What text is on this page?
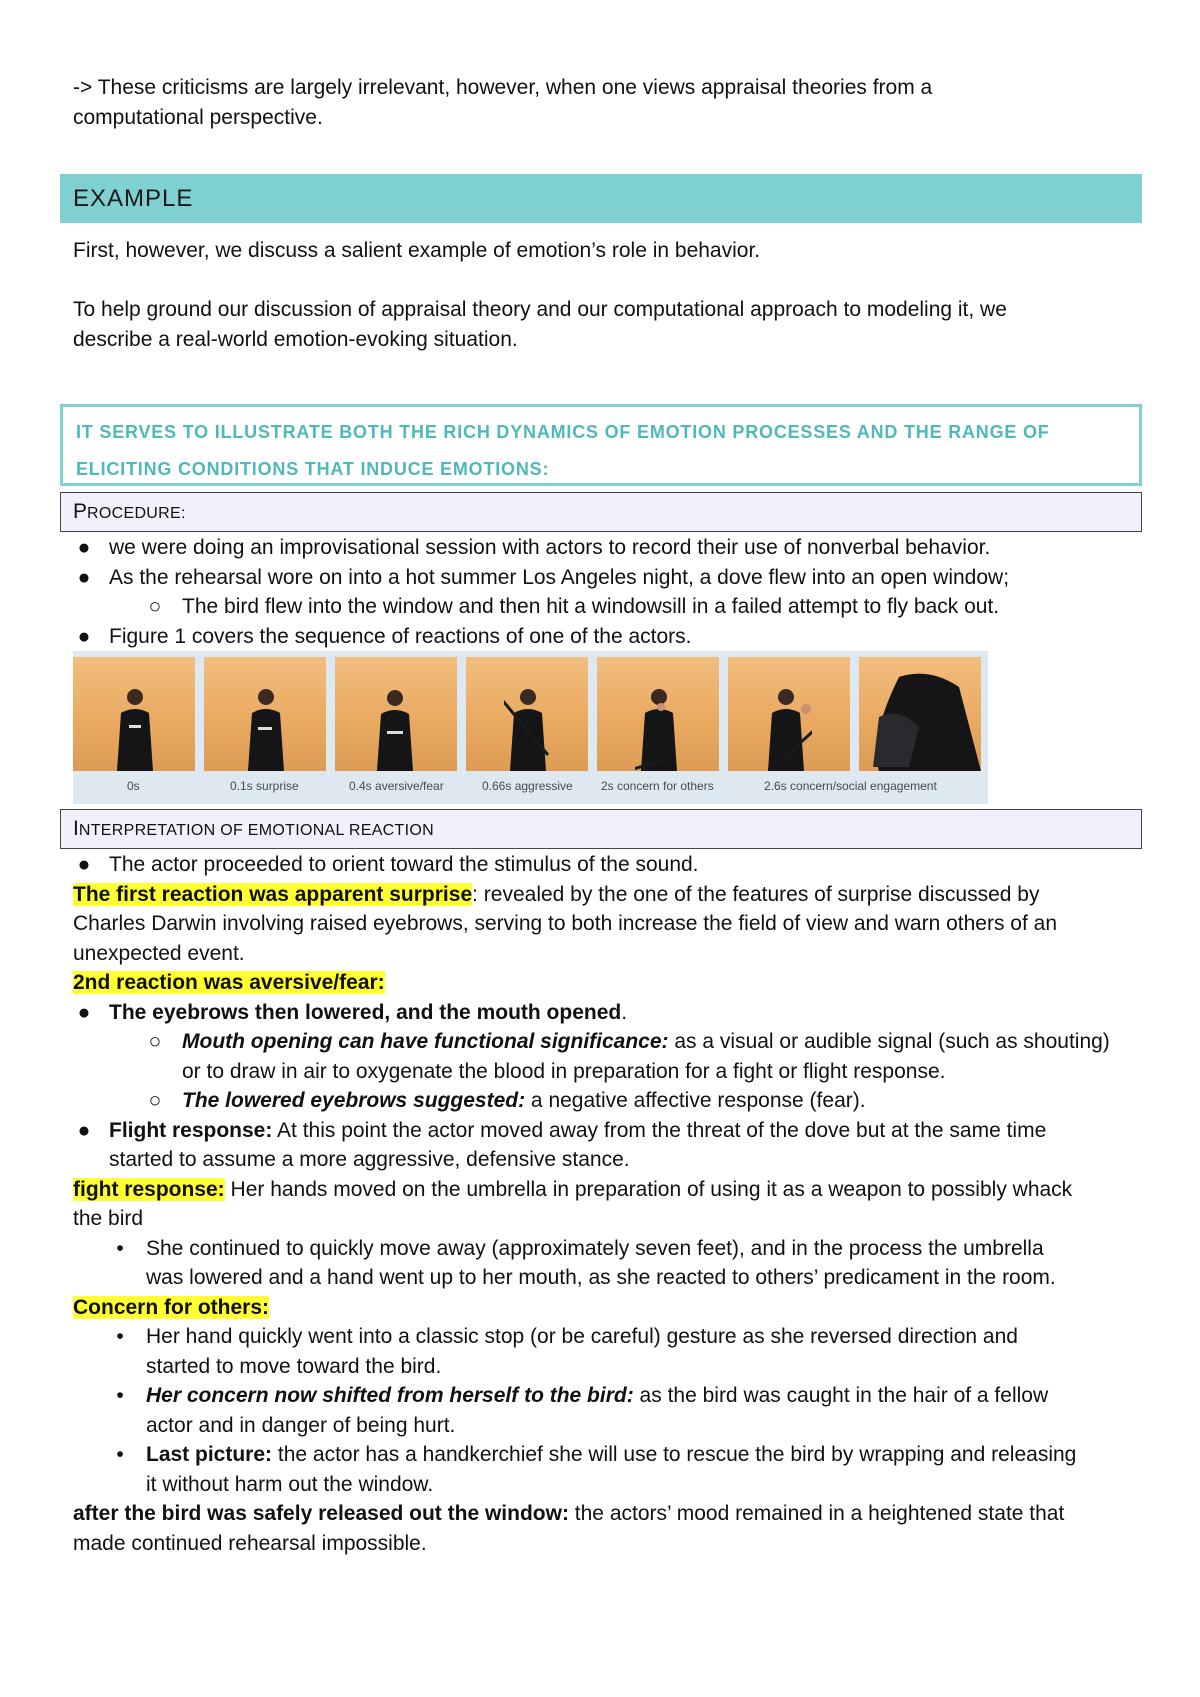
-> These criticisms are largely irrelevant, however, when one views appraisal theories from a
computational perspective.
EXAMPLE
First, however, we discuss a salient example of emotion’s role in behavior.
To help ground our discussion of appraisal theory and our computational approach to modeling it, we
describe a real-world emotion-evoking situation.
IT SERVES TO ILLUSTRATE BOTH THE RICH DYNAMICS OF EMOTION PROCESSES AND THE RANGE OF
ELICITING CONDITIONS THAT INDUCE EMOTIONS:
PROCEDURE:
● we were doing an improvisational session with actors to record their use of nonverbal behavior.
● As the rehearsal wore on into a hot summer Los Angeles night, a dove flew into an open window;
○ The bird flew into the window and then hit a windowsill in a failed attempt to fly back out.
● Figure 1 covers the sequence of reactions of one of the actors.
0s	0.1s surprise	0.4s aversive/fear	0.66s aggressive 2s concern for others	2.6s concern/social engagement
INTERPRETATION OF EMOTIONAL REACTION
● The actor proceeded to orient toward the stimulus of the sound.
The first reaction was apparent surprise: revealed by the one of the features of surprise discussed by
Charles Darwin involving raised eyebrows, serving to both increase the field of view and warn others of an
unexpected event.
2nd reaction was aversive/fear:
● The eyebrows then lowered, and the mouth opened.
○ Mouth opening can have functional significance: as a visual or audible signal (such as shouting)
or to draw in air to oxygenate the blood in preparation for a fight or flight response.
○ The lowered eyebrows suggested: a negative affective response (fear).
● Flight response: At this point the actor moved away from the threat of the dove but at the same time
started to assume a more aggressive, defensive stance.
fight response: Her hands moved on the umbrella in preparation of using it as a weapon to possibly whack
the bird
•	She continued to quickly move away (approximately seven feet), and in the process the umbrella
was lowered and a hand went up to her mouth, as she reacted to others’ predicament in the room.
Concern for others:
•	Her hand quickly went into a classic stop (or be careful) gesture as she reversed direction and
started to move toward the bird.
•	Her concern now shifted from herself to the bird: as the bird was caught in the hair of a fellow
actor and in danger of being hurt.
•	Last picture: the actor has a handkerchief she will use to rescue the bird by wrapping and releasing
it without harm out the window.
after the bird was safely released out the window: the actors’ mood remained in a heightened state that
made continued rehearsal impossible.
